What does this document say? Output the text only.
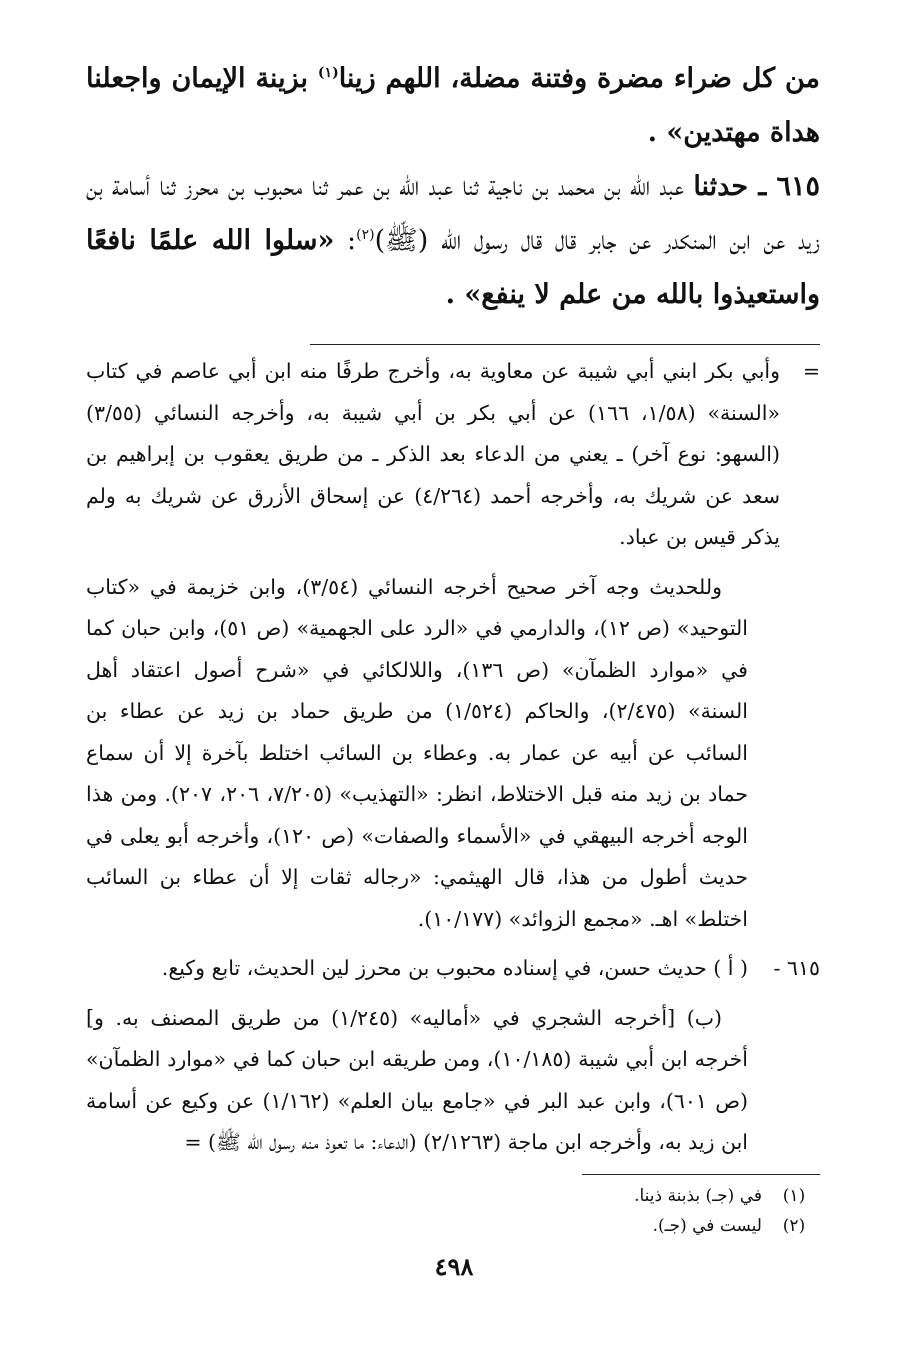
من كل ضراء مضرة وفتنة مضلة، اللهم زينا$^{(١)}$ بزينة الإيمان واجعلنا هداة مهتدين» .

٦١٥ ـ حدثنا عبد الله بن محمد بن ناجية ثنا عبد الله بن عمر ثنا محبوب بن محرز ثنا أسامة بن زيد عن ابن المنكدر عن جابر قال قال رسول الله (ﷺ)$^{(٢)}$: «سلوا الله علمًا نافعًا واستعيذوا بالله من علم لا ينفع» .

=

وأبي بكر ابني أبي شيبة عن معاوية به، وأخرج طرفًا منه ابن أبي عاصم في كتاب «السنة» (١/٥٨، ١٦٦) عن أبي بكر بن أبي شيبة به، وأخرجه النسائي (٣/٥٥) (السهو: نوع آخر) ـ يعني من الدعاء بعد الذكر ـ من طريق يعقوب بن إبراهيم بن سعد عن شريك به، وأخرجه أحمد (٤/٢٦٤) عن إسحاق الأزرق عن شريك به ولم يذكر قيس بن عباد.

وللحديث وجه آخر صحيح أخرجه النسائي (٣/٥٤)، وابن خزيمة في «كتاب التوحيد» (ص ١٢)، والدارمي في «الرد على الجهمية» (ص ٥١)، وابن حبان كما في «موارد الظمآن» (ص ١٣٦)، واللالكائي في «شرح أصول اعتقاد أهل السنة» (٢/٤٧٥)، والحاكم (١/٥٢٤) من طريق حماد بن زيد عن عطاء بن السائب عن أبيه عن عمار به. وعطاء بن السائب اختلط بآخرة إلا أن سماع حماد بن زيد منه قبل الاختلاط، انظر: «التهذيب» (٧/٢٠٥، ٢٠٦، ٢٠٧). ومن هذا الوجه أخرجه البيهقي في «الأسماء والصفات» (ص ١٢٠)، وأخرجه أبو يعلى في حديث أطول من هذا، قال الهيثمي: «رجاله ثقات إلا أن عطاء بن السائب اختلط» اهـ. «مجمع الزوائد» (١٠/١٧٧).

٦١٥ -

( أ ) حديث حسن، في إسناده محبوب بن محرز لين الحديث، تابع وكيع.

(ب) [أخرجه الشجري في «أماليه» (١/٢٤٥) من طريق المصنف به. و] أخرجه ابن أبي شيبة (١٠/١٨٥)، ومن طريقه ابن حبان كما في «موارد الظمآن» (ص ٦٠١)، وابن عبد البر في «جامع بيان العلم» (١/١٦٢) عن وكيع عن أسامة ابن زيد به، وأخرجه ابن ماجة (٢/١٢٦٣) (الدعاء: ما تعوذ منه رسول الله ﷺ) =

(١)
في (جـ) بذبنة ذينا.
(٢)
ليست في (جـ).
٤٩٨
